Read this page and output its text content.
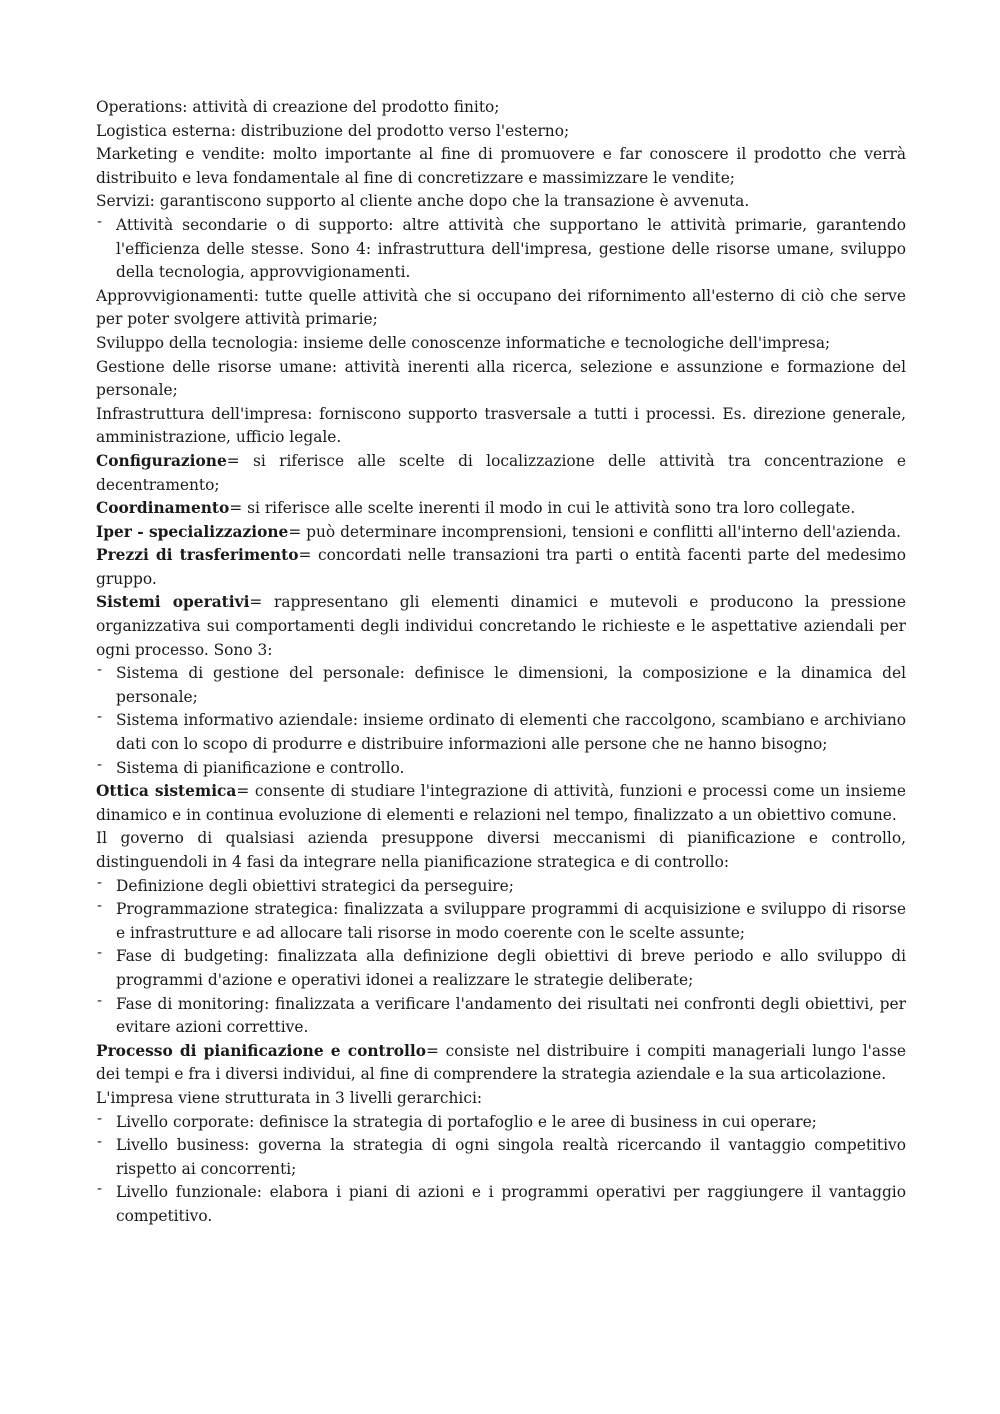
Operations: attività di creazione del prodotto finito;

Logistica esterna: distribuzione del prodotto verso l'esterno;

Marketing e vendite: molto importante al fine di promuovere e far conoscere il prodotto che verrà distribuito e leva fondamentale al fine di concretizzare e massimizzare le vendite;

Servizi: garantiscono supporto al cliente anche dopo che la transazione è avvenuta.

- Attività secondarie o di supporto: altre attività che supportano le attività primarie, garantendo l'efficienza delle stesse. Sono 4: infrastruttura dell'impresa, gestione delle risorse umane, sviluppo della tecnologia, approvvigionamenti.

Approvvigionamenti: tutte quelle attività che si occupano dei rifornimento all'esterno di ciò che serve per poter svolgere attività primarie;

Sviluppo della tecnologia: insieme delle conoscenze informatiche e tecnologiche dell'impresa;

Gestione delle risorse umane: attività inerenti alla ricerca, selezione e assunzione e formazione del personale;

Infrastruttura dell'impresa: forniscono supporto trasversale a tutti i processi. Es. direzione generale, amministrazione, ufficio legale.

Configurazione= si riferisce alle scelte di localizzazione delle attività tra concentrazione e decentramento;

Coordinamento= si riferisce alle scelte inerenti il modo in cui le attività sono tra loro collegate.

Iper - specializzazione= può determinare incomprensioni, tensioni e conflitti all'interno dell'azienda.

Prezzi di trasferimento= concordati nelle transazioni tra parti o entità facenti parte del medesimo gruppo.

Sistemi operativi= rappresentano gli elementi dinamici e mutevoli e producono la pressione organizzativa sui comportamenti degli individui concretando le richieste e le aspettative aziendali per ogni processo. Sono 3:

- Sistema di gestione del personale: definisce le dimensioni, la composizione e la dinamica del personale;
- Sistema informativo aziendale: insieme ordinato di elementi che raccolgono, scambiano e archiviano dati con lo scopo di produrre e distribuire informazioni alle persone che ne hanno bisogno;
- Sistema di pianificazione e controllo.

Ottica sistemica= consente di studiare l'integrazione di attività, funzioni e processi come un insieme dinamico e in continua evoluzione di elementi e relazioni nel tempo, finalizzato a un obiettivo comune.

Il governo di qualsiasi azienda presuppone diversi meccanismi di pianificazione e controllo, distinguendoli in 4 fasi da integrare nella pianificazione strategica e di controllo:

- Definizione degli obiettivi strategici da perseguire;
- Programmazione strategica: finalizzata a sviluppare programmi di acquisizione e sviluppo di risorse e infrastrutture e ad allocare tali risorse in modo coerente con le scelte assunte;
- Fase di budgeting: finalizzata alla definizione degli obiettivi di breve periodo e allo sviluppo di programmi d'azione e operativi idonei a realizzare le strategie deliberate;
- Fase di monitoring: finalizzata a verificare l'andamento dei risultati nei confronti degli obiettivi, per evitare azioni correttive.

Processo di pianificazione e controllo= consiste nel distribuire i compiti manageriali lungo l'asse dei tempi e fra i diversi individui, al fine di comprendere la strategia aziendale e la sua articolazione.

L'impresa viene strutturata in 3 livelli gerarchici:

- Livello corporate: definisce la strategia di portafoglio e le aree di business in cui operare;
- Livello business: governa la strategia di ogni singola realtà ricercando il vantaggio competitivo rispetto ai concorrenti;
- Livello funzionale: elabora i piani di azioni e i programmi operativi per raggiungere il vantaggio competitivo.
